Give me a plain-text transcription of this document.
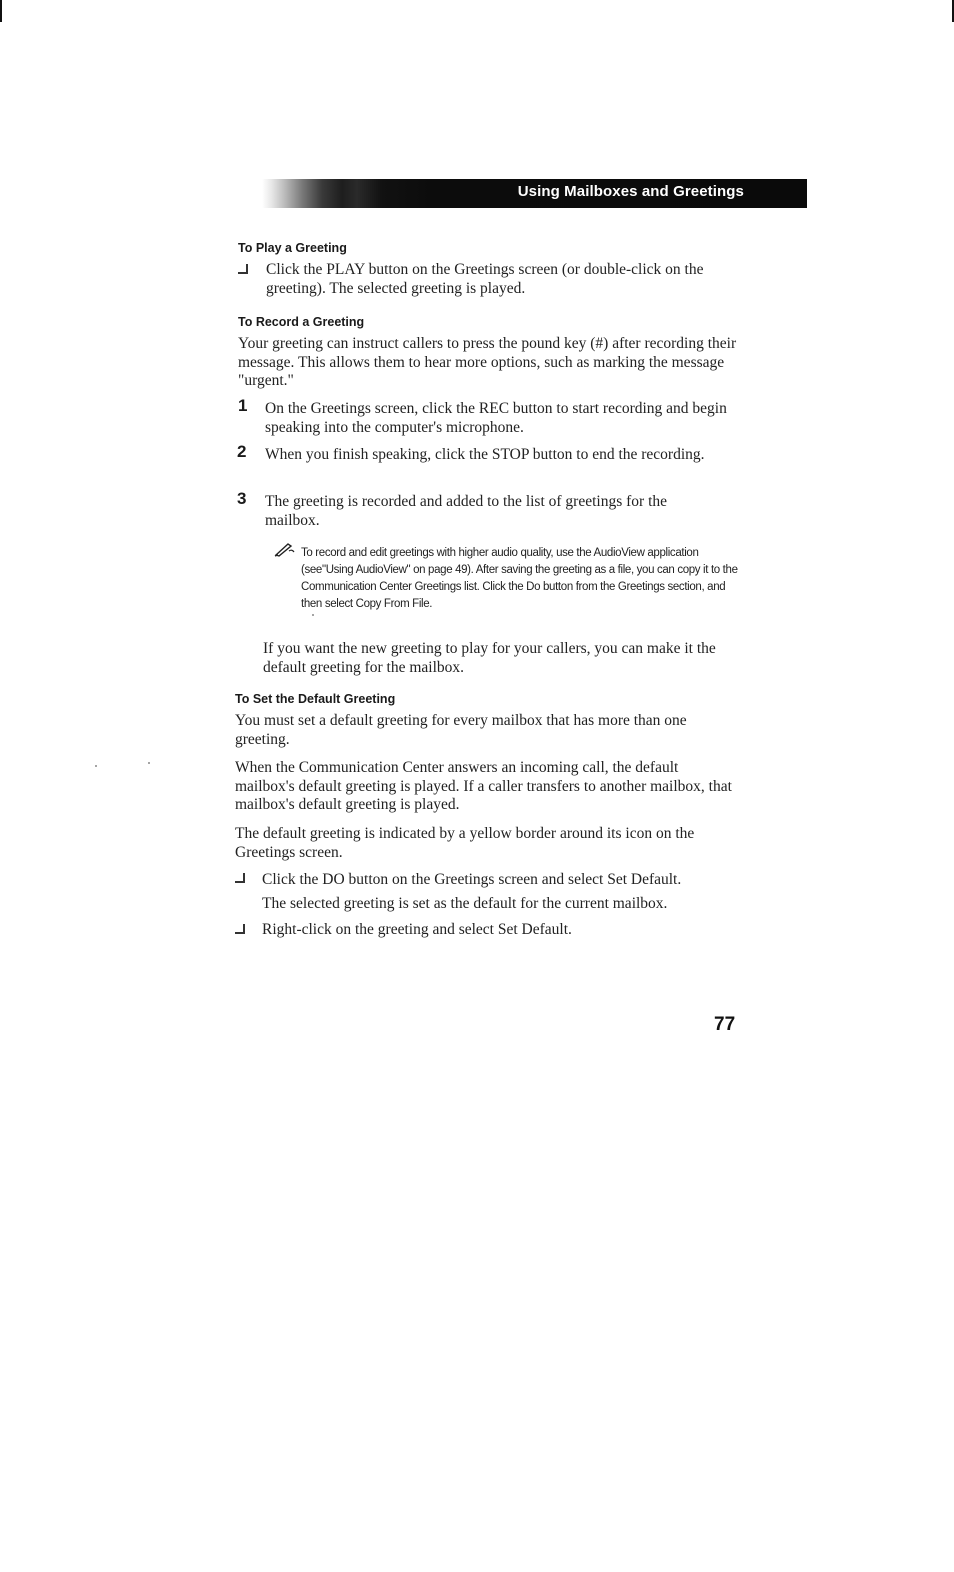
Using Mailboxes and Greetings
To Play a Greeting
Click the PLAY button on the Greetings screen (or double-click on the greeting). The selected greeting is played.
To Record a Greeting
Your greeting can instruct callers to press the pound key (#) after recording their message. This allows them to hear more options, such as marking the message "urgent."
1 On the Greetings screen, click the REC button to start recording and begin speaking into the computer's microphone.
2 When you finish speaking, click the STOP button to end the recording.
3 The greeting is recorded and added to the list of greetings for the mailbox.
To record and edit greetings with higher audio quality, use the AudioView application (see"Using AudioView" on page 49). After saving the greeting as a file, you can copy it to the Communication Center Greetings list. Click the Do button from the Greetings section, and then select Copy From File.
If you want the new greeting to play for your callers, you can make it the default greeting for the mailbox.
To Set the Default Greeting
You must set a default greeting for every mailbox that has more than one greeting.
When the Communication Center answers an incoming call, the default mailbox's default greeting is played. If a caller transfers to another mailbox, that mailbox's default greeting is played.
The default greeting is indicated by a yellow border around its icon on the Greetings screen.
Click the DO button on the Greetings screen and select Set Default.
The selected greeting is set as the default for the current mailbox.
Right-click on the greeting and select Set Default.
77
